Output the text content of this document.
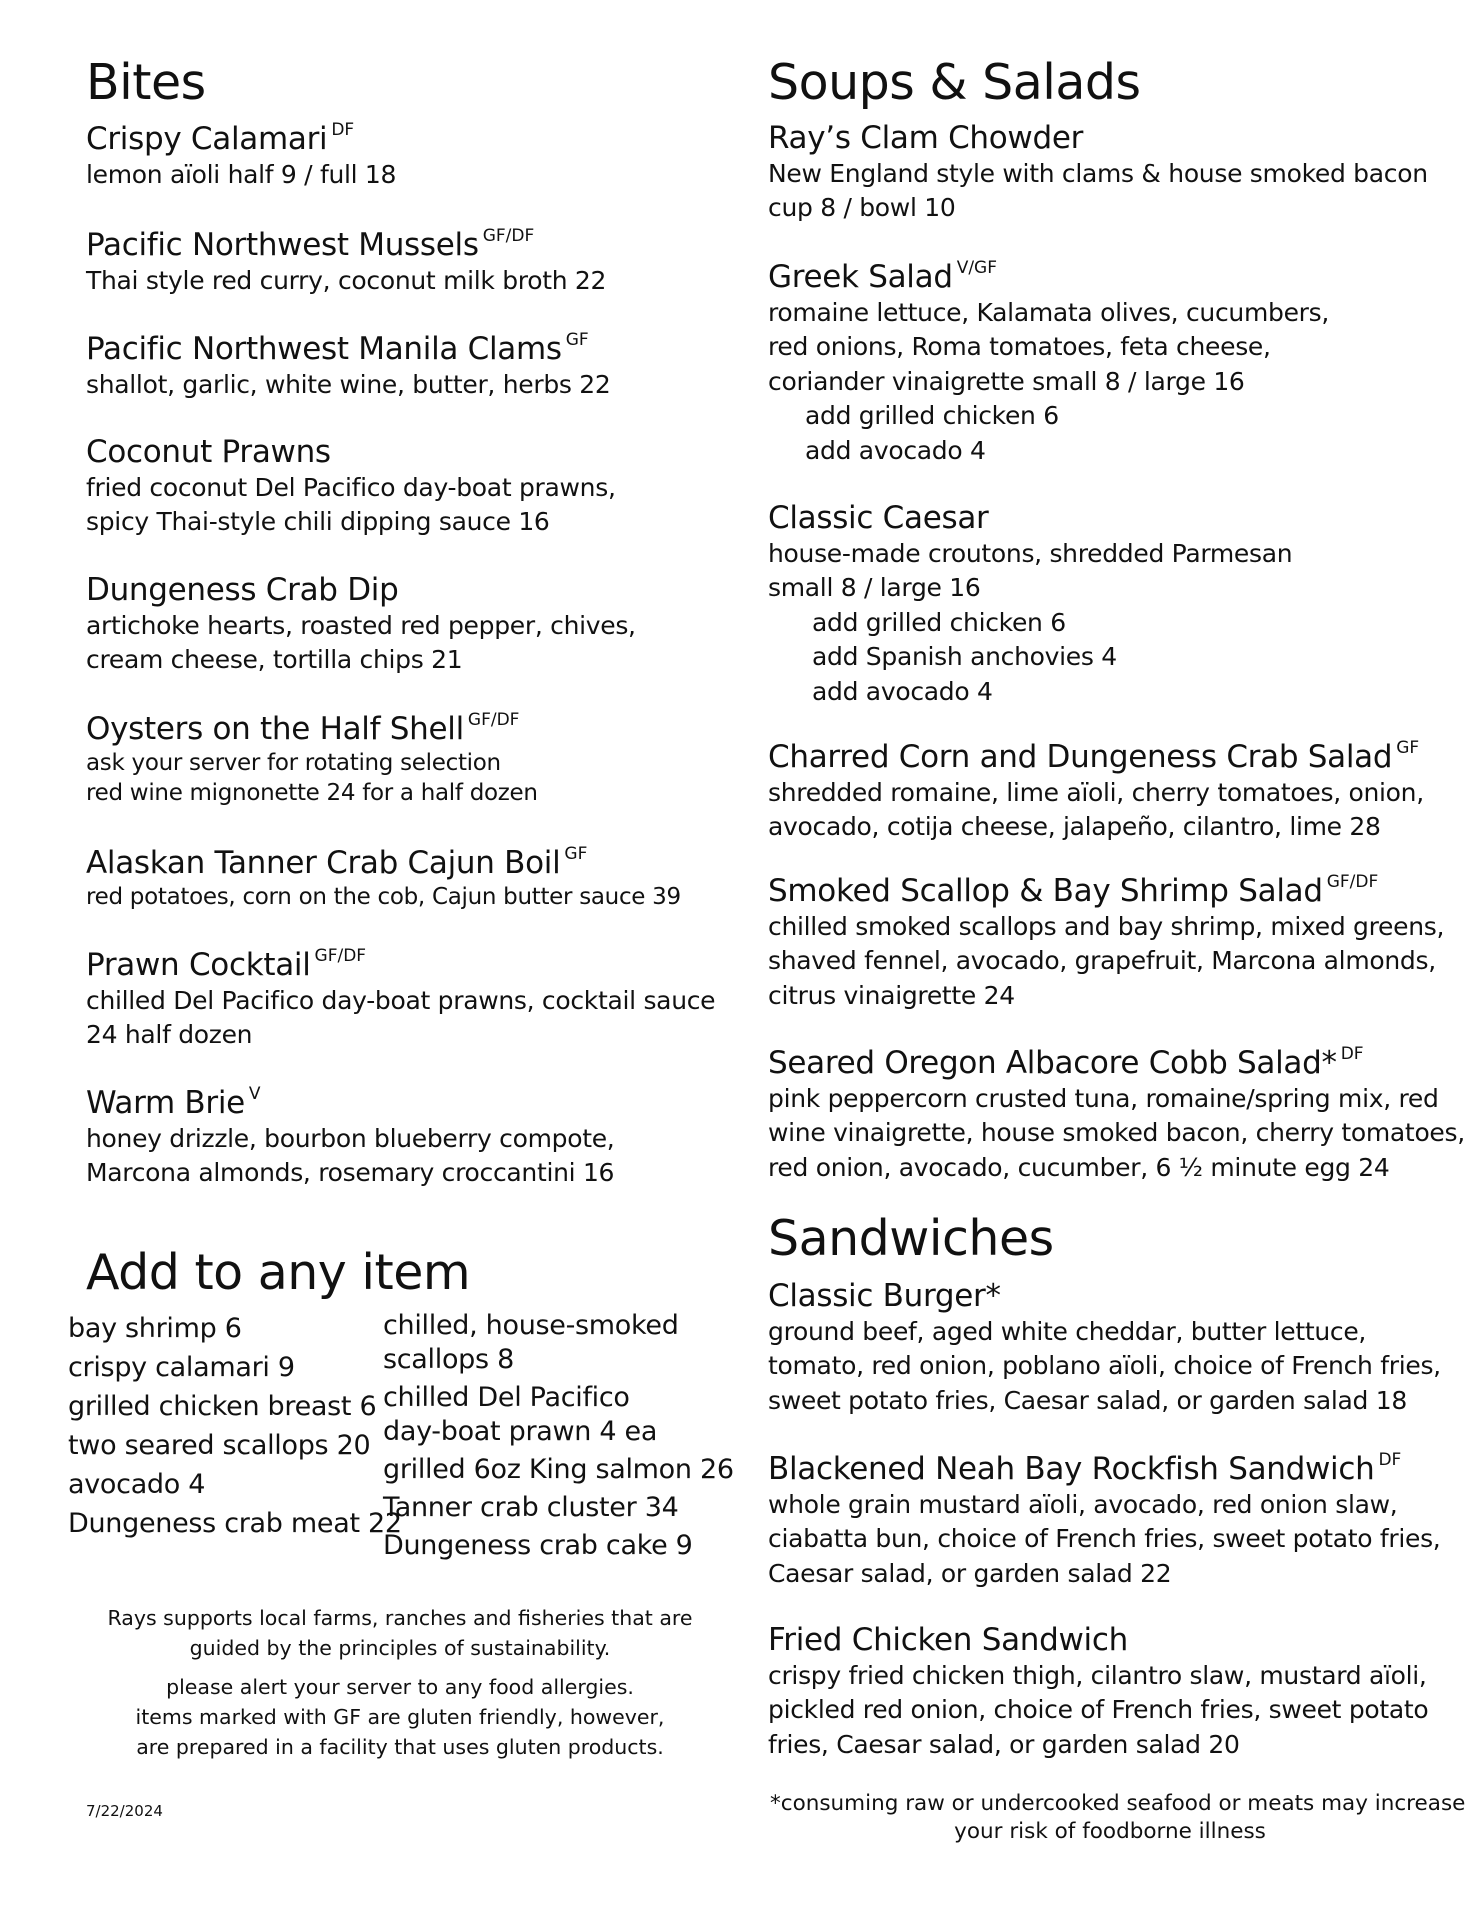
Bites
Crispy Calamari $^{DF}$
lemon aïoli half 9 / full 18
Pacific Northwest Mussels $^{GF/DF}$
Thai style red curry, coconut milk broth 22
Pacific Northwest Manila Clams $^{GF}$
shallot, garlic, white wine, butter, herbs 22
Coconut Prawns
fried coconut Del Pacifico day-boat prawns,
spicy Thai-style chili dipping sauce 16
Dungeness Crab Dip
artichoke hearts, roasted red pepper, chives,
cream cheese, tortilla chips 21
Oysters on the Half Shell $^{GF/DF}$
ask your server for rotating selection
red wine mignonette 24 for a half dozen
Alaskan Tanner Crab Cajun Boil $^{GF}$
red potatoes, corn on the cob, Cajun butter sauce 39
Prawn Cocktail $^{GF/DF}$
chilled Del Pacifico day-boat prawns, cocktail sauce
24 half dozen
Warm Brie $^V$
honey drizzle, bourbon blueberry compote,
Marcona almonds, rosemary croccantini 16
Add to any item
bay shrimp 6
crispy calamari 9
grilled chicken breast 6
two seared scallops 20
avocado 4
Dungeness crab meat 22
chilled, house-smoked
scallops 8
chilled Del Pacifico
day-boat prawn 4 ea
grilled 6oz King salmon 26
Tanner crab cluster 34
Dungeness crab cake 9
Rays supports local farms, ranches and fisheries that are
guided by the principles of sustainability.
please alert your server to any food allergies.
items marked with GF are gluten friendly, however,
are prepared in a facility that uses gluten products.
7/22/2024
Soups & Salads
Ray’s Clam Chowder
New England style with clams & house smoked bacon
cup 8 / bowl 10
Greek Salad $^{V/GF}$
romaine lettuce, Kalamata olives, cucumbers,
red onions, Roma tomatoes, feta cheese,
coriander vinaigrette small 8 / large 16
add grilled chicken 6
add avocado 4
Classic Caesar
house-made croutons, shredded Parmesan
small 8 / large 16
add grilled chicken 6
add Spanish anchovies 4
add avocado 4
Charred Corn and Dungeness Crab Salad $^{GF}$
shredded romaine, lime aïoli, cherry tomatoes, onion,
avocado, cotija cheese, jalapeño, cilantro, lime 28
Smoked Scallop & Bay Shrimp Salad $^{GF/DF}$
chilled smoked scallops and bay shrimp, mixed greens,
shaved fennel, avocado, grapefruit, Marcona almonds,
citrus vinaigrette 24
Seared Oregon Albacore Cobb Salad* $^{DF}$
pink peppercorn crusted tuna, romaine/spring mix, red
wine vinaigrette, house smoked bacon, cherry tomatoes,
red onion, avocado, cucumber, 6 ½ minute egg 24
Sandwiches
Classic Burger*
ground beef, aged white cheddar, butter lettuce,
tomato, red onion, poblano aïoli, choice of French fries,
sweet potato fries, Caesar salad, or garden salad 18
Blackened Neah Bay Rockfish Sandwich $^{DF}$
whole grain mustard aïoli, avocado, red onion slaw,
ciabatta bun, choice of French fries, sweet potato fries,
Caesar salad, or garden salad 22
Fried Chicken Sandwich
crispy fried chicken thigh, cilantro slaw, mustard aïoli,
pickled red onion, choice of French fries, sweet potato
fries, Caesar salad, or garden salad 20
*consuming raw or undercooked seafood or meats may increase
your risk of foodborne illness
